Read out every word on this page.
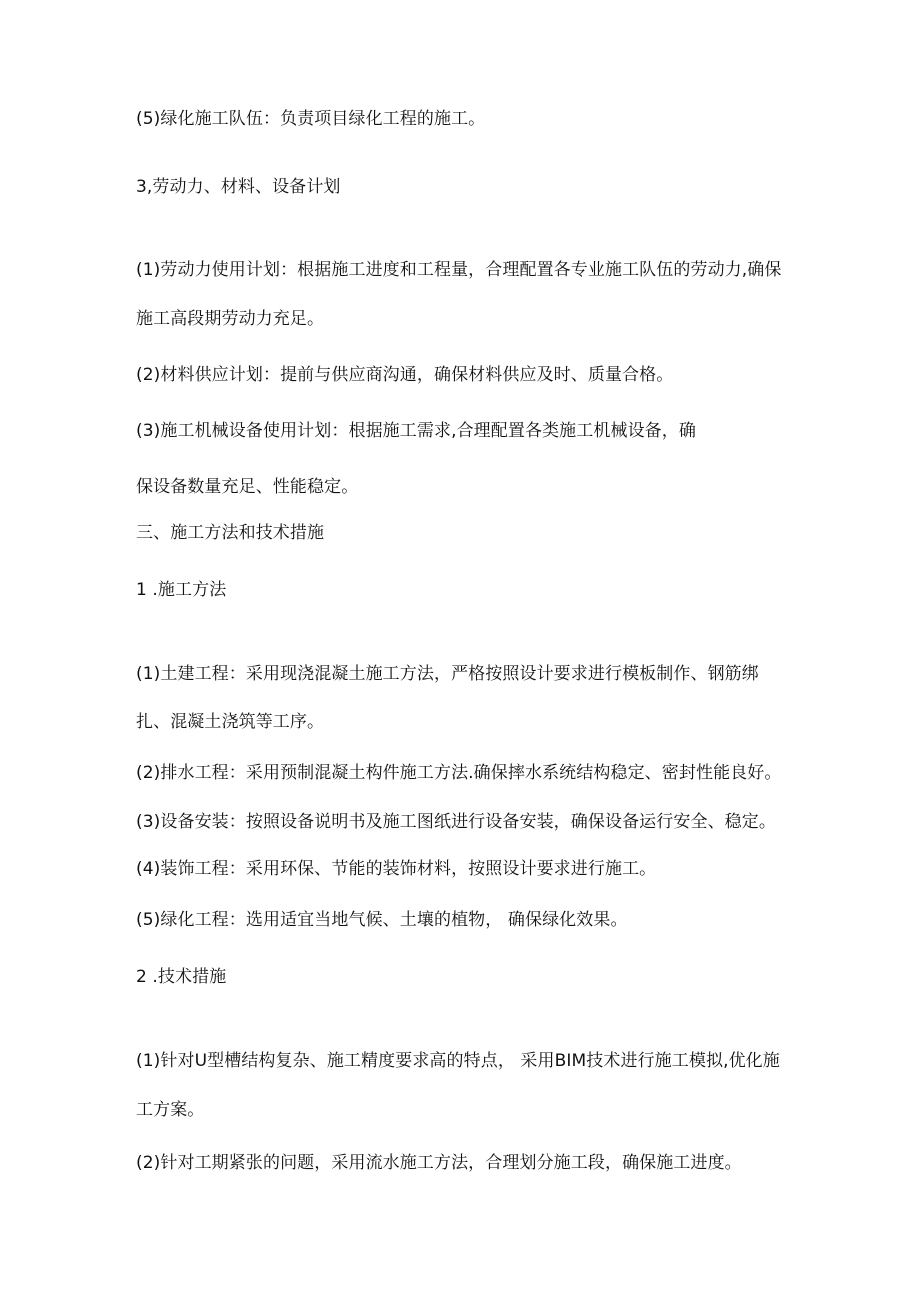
(5)绿化施工队伍：负责项目绿化工程的施工。
3,劳动力、材料、设备计划
(1)劳动力使用计划：根据施工进度和工程量，合理配置各专业施工队伍的劳动力,确保
施工高段期劳动力充足。
(2)材料供应计划：提前与供应商沟通，确保材料供应及时、质量合格。
(3)施工机械设备使用计划：根据施工需求,合理配置各类施工机械设备，确
保设备数量充足、性能稳定。
三、施工方法和技术措施
1 .施工方法
(1)土建工程：采用现浇混凝土施工方法，严格按照设计要求进行模板制作、钢筋绑
扎、混凝土浇筑等工序。
(2)排水工程：采用预制混凝土构件施工方法.确保摔水系统结构稳定、密封性能良好。
(3)设备安装：按照设备说明书及施工图纸进行设备安装，确保设备运行安全、稳定。
(4)装饰工程：采用环保、节能的装饰材料，按照设计要求进行施工。
(5)绿化工程：选用适宜当地气候、土壤的植物， 确保绿化效果。
2 .技术措施
(1)针对U型槽结构复杂、施工精度要求高的特点， 采用BIM技术进行施工模拟,优化施
工方案。
(2)针对工期紧张的问题，采用流水施工方法，合理划分施工段，确保施工进度。
